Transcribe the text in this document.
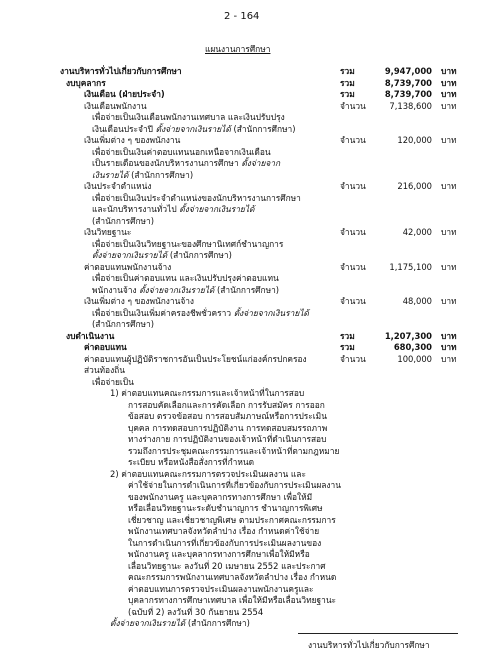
2 - 164
แผนงานการศึกษา
งานบริหารทั่วไปเกี่ยวกับการศึกษา	รวม	9,947,000 บาท
งบบุคลากร	รวม	8,739,700 บาท
เงินเดือน (ฝ่ายประจำ)	รวม	8,739,700 บาท
เงินเดือนพนักงาน	จำนวน	7,138,600 บาท
เพื่อจ่ายเป็นเงินเดือนพนักงานเทศบาล และเงินปรับปรุง
เงินเดือนประจำปี ตั้งจ่ายจากเงินรายได้ (สำนักการศึกษา)
เงินเพิ่มต่าง ๆ ของพนักงาน	จำนวน	120,000 บาท
เพื่อจ่ายเป็นเงินค่าตอบแทนนอกเหนือจากเงินเดือน
เป็นรายเดือนของนักบริหารงานการศึกษา ตั้งจ่ายจาก
เงินรายได้ (สำนักการศึกษา)
เงินประจำตำแหน่ง	จำนวน	216,000 บาท
เพื่อจ่ายเป็นเงินประจำตำแหน่งของนักบริหารงานการศึกษา
และนักบริหารงานทั่วไป ตั้งจ่ายจากเงินรายได้
(สำนักการศึกษา)
เงินวิทยฐานะ	จำนวน	42,000 บาท
เพื่อจ่ายเป็นเงินวิทยฐานะของศึกษานิเทศก์ชำนาญการ
ตั้งจ่ายจากเงินรายได้ (สำนักการศึกษา)
ค่าตอบแทนพนักงานจ้าง	จำนวน	1,175,100 บาท
เพื่อจ่ายเป็นค่าตอบแทน และเงินปรับปรุงค่าตอบแทน
พนักงานจ้าง ตั้งจ่ายจากเงินรายได้ (สำนักการศึกษา)
เงินเพิ่มต่าง ๆ ของพนักงานจ้าง	จำนวน	48,000 บาท
เพื่อจ่ายเป็นเงินเพิ่มค่าครองชีพชั่วคราว ตั้งจ่ายจากเงินรายได้
(สำนักการศึกษา)
งบดำเนินงาน	รวม	1,207,300 บาท
ค่าตอบแทน	รวม	680,300 บาท
ค่าตอบแทนผู้ปฏิบัติราชการอันเป็นประโยชน์แก่องค์กรปกครอง	จำนวน	100,000 บาท
ส่วนท้องถิ่น
เพื่อจ่ายเป็น
1) ค่าตอบแทนคณะกรรมการและเจ้าหน้าที่ในการสอบ
การสอบคัดเลือกและการคัดเลือก การรับสมัคร การออก
ข้อสอบ ตรวจข้อสอบ การสอบสัมภาษณ์หรือการประเมิน
บุคคล การทดสอบการปฏิบัติงาน การทดสอบสมรรถภาพ
ทางร่างกาย การปฏิบัติงานของเจ้าหน้าที่ดำเนินการสอบ
รวมถึงการประชุมคณะกรรมการและเจ้าหน้าที่ตามกฎหมาย
ระเบียบ หรือหนังสือสั่งการที่กำหนด
2) ค่าตอบแทนคณะกรรมการตรวจประเมินผลงาน และ
ค่าใช้จ่ายในการดำเนินการที่เกี่ยวข้องกับการประเมินผลงาน
ของพนักงานครู และบุคลากรทางการศึกษา เพื่อให้มี
หรือเลื่อนวิทยฐานะระดับชำนาญการ ชำนาญการพิเศษ
เชี่ยวชาญ และเชี่ยวชาญพิเศษ ตามประกาศคณะกรรมการ
พนักงานเทศบาลจังหวัดลำปาง เรื่อง กำหนดค่าใช้จ่าย
ในการดำเนินการที่เกี่ยวข้องกับการประเมินผลงานของ
พนักงานครู และบุคลากรทางการศึกษาเพื่อให้มีหรือ
เลื่อนวิทยฐานะ ลงวันที่ 20 เมษายน 2552 และประกาศ
คณะกรรมการพนักงานเทศบาลจังหวัดลำปาง เรื่อง กำหนด
ค่าตอบแทนการตรวจประเมินผลงานพนักงานครูและ
บุคลากรทางการศึกษาเทศบาล เพื่อให้มีหรือเลื่อนวิทยฐานะ
(ฉบับที่ 2) ลงวันที่ 30 กันยายน 2554
ตั้งจ่ายจากเงินรายได้ (สำนักการศึกษา)
งานบริหารทั่วไปเกี่ยวกับการศึกษา
